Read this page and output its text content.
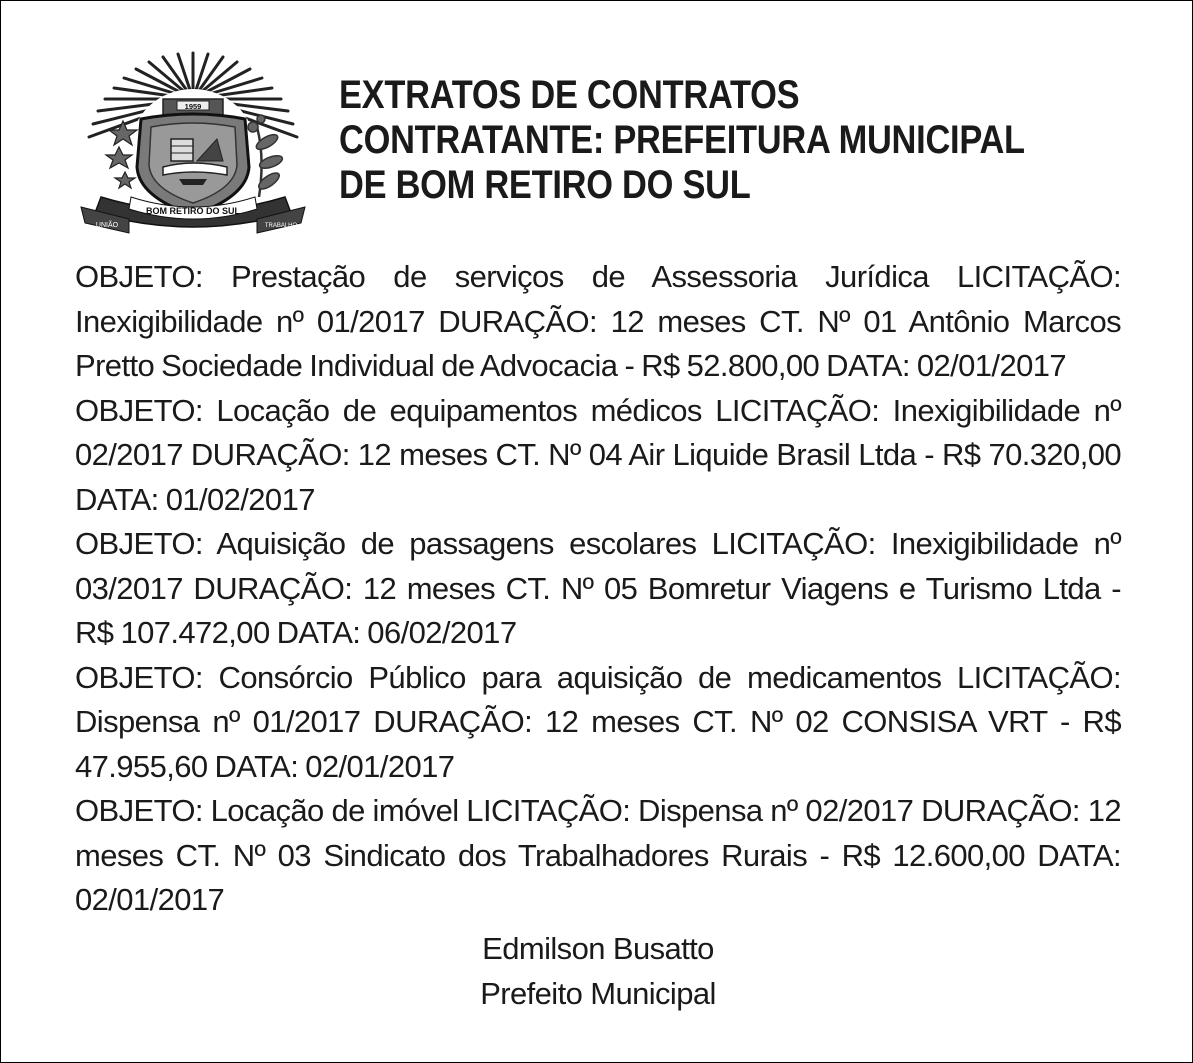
1959
BOM RETIRO DO SUL
UNIÃO	TRABALHO
EXTRATOS DE CONTRATOS
CONTRATANTE: PREFEITURA MUNICIPAL
DE BOM RETIRO DO SUL

OBJETO: Prestação de serviços de Assessoria Jurídica LICITAÇÃO: Inexigibilidade nº 01/2017 DURAÇÃO: 12 meses CT. Nº 01 Antônio Marcos Pretto Sociedade Individual de Advocacia - R$ 52.800,00 DATA: 02/01/2017

OBJETO: Locação de equipamentos médicos LICITAÇÃO: Inexigibilidade nº 02/2017 DURAÇÃO: 12 meses CT. Nº 04 Air Liquide Brasil Ltda - R$ 70.320,00 DATA: 01/02/2017

OBJETO: Aquisição de passagens escolares LICITAÇÃO: Inexigibilidade nº 03/2017 DURAÇÃO: 12 meses CT. Nº 05 Bomretur Viagens e Turismo Ltda - R$ 107.472,00 DATA: 06/02/2017

OBJETO: Consórcio Público para aquisição de medicamentos LICITAÇÃO: Dispensa nº 01/2017 DURAÇÃO: 12 meses CT. Nº 02 CONSISA VRT - R$ 47.955,60 DATA: 02/01/2017

OBJETO: Locação de imóvel LICITAÇÃO: Dispensa nº 02/2017 DURAÇÃO: 12 meses CT. Nº 03 Sindicato dos Trabalhadores Rurais - R$ 12.600,00 DATA: 02/01/2017

Edmilson Busatto
Prefeito Municipal
